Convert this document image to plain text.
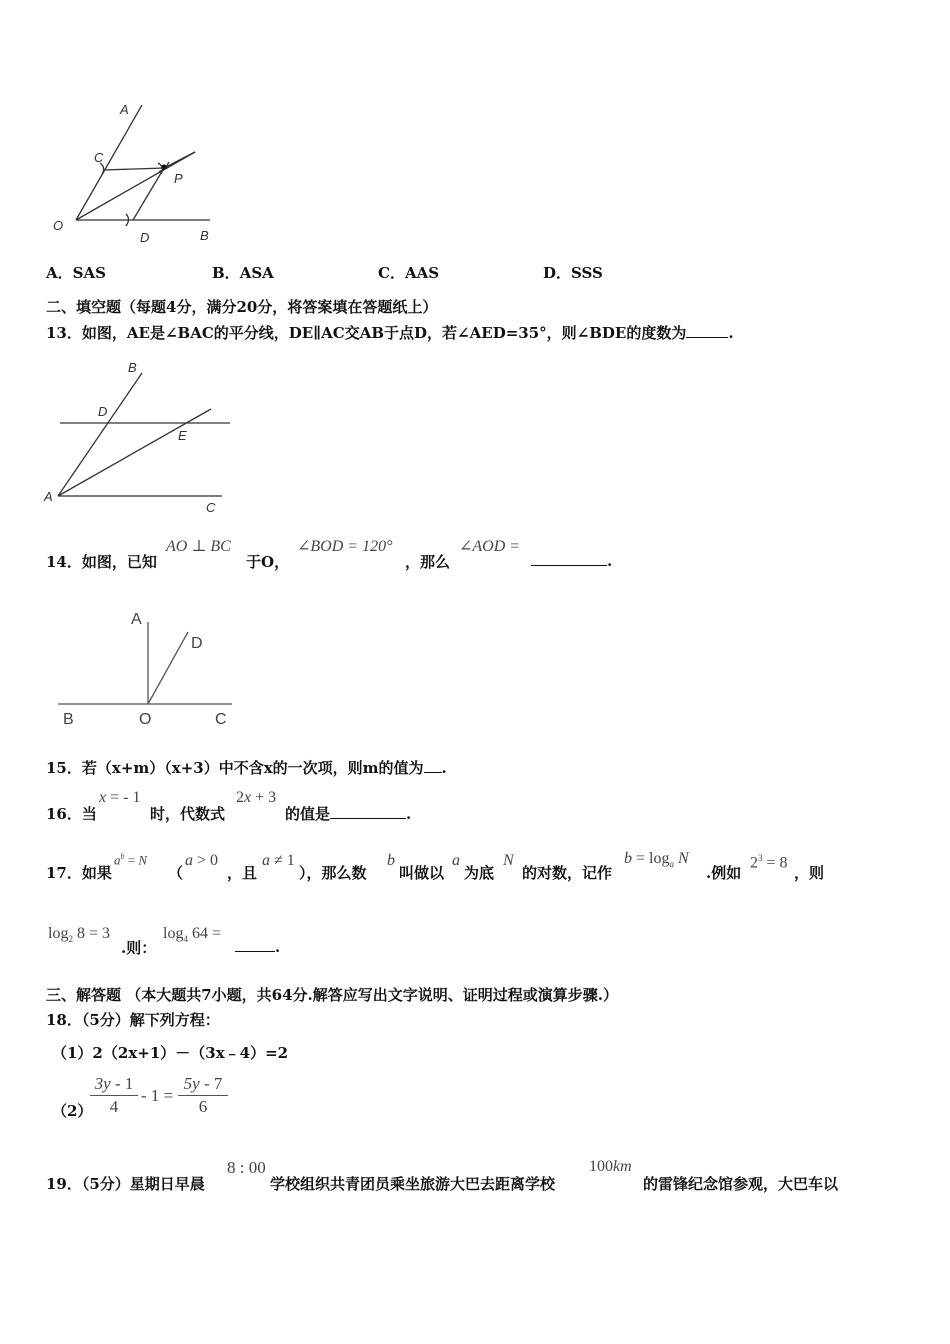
A
C
P
O
D	B
A．SAS	B．ASA	C．AAS	D．SSS
二、填空题（每题4分，满分20分，将答案填在答题纸上）
13．如图，AE是∠BAC的平分线，DE∥AC交AB于点D，若∠AED=35°，则∠BDE的度数为	.
B
D
E
A
C
14．如图，已知
AO ⊥ BC
于O，
∠BOD = 120°
，那么
∠AOD =
.
A
D
B	O	C
15．若（x+m）（x+3）中不含x的一次项，则m的值为 .
16．当
x = - 1
时，代数式
2x + 3
的值是	.
17．如果
$a^b = N$
（
a > 0
，且
a ≠ 1
），那么数
b
叫做以
a
为底
N
的对数，记作
$b = \log_a N$
.例如
$2^3 = 8$
，则
$\log_2 8 = 3$
.则：
$\log_4 64$ =
.
三、解答题 （本大题共7小题，共64分.解答应写出文字说明、证明过程或演算步骤.）
18．（5分）解下列方程：
（1）2（2x+1）－（3x﹣4）=2
（2）
$\frac{3y - 1}{4} - 1 = \frac{5y - 7}{6}$
19．（5分）星期日早晨
8 : 00
学校组织共青团员乘坐旅游大巴去距离学校
100km
的雷锋纪念馆参观，大巴车以
